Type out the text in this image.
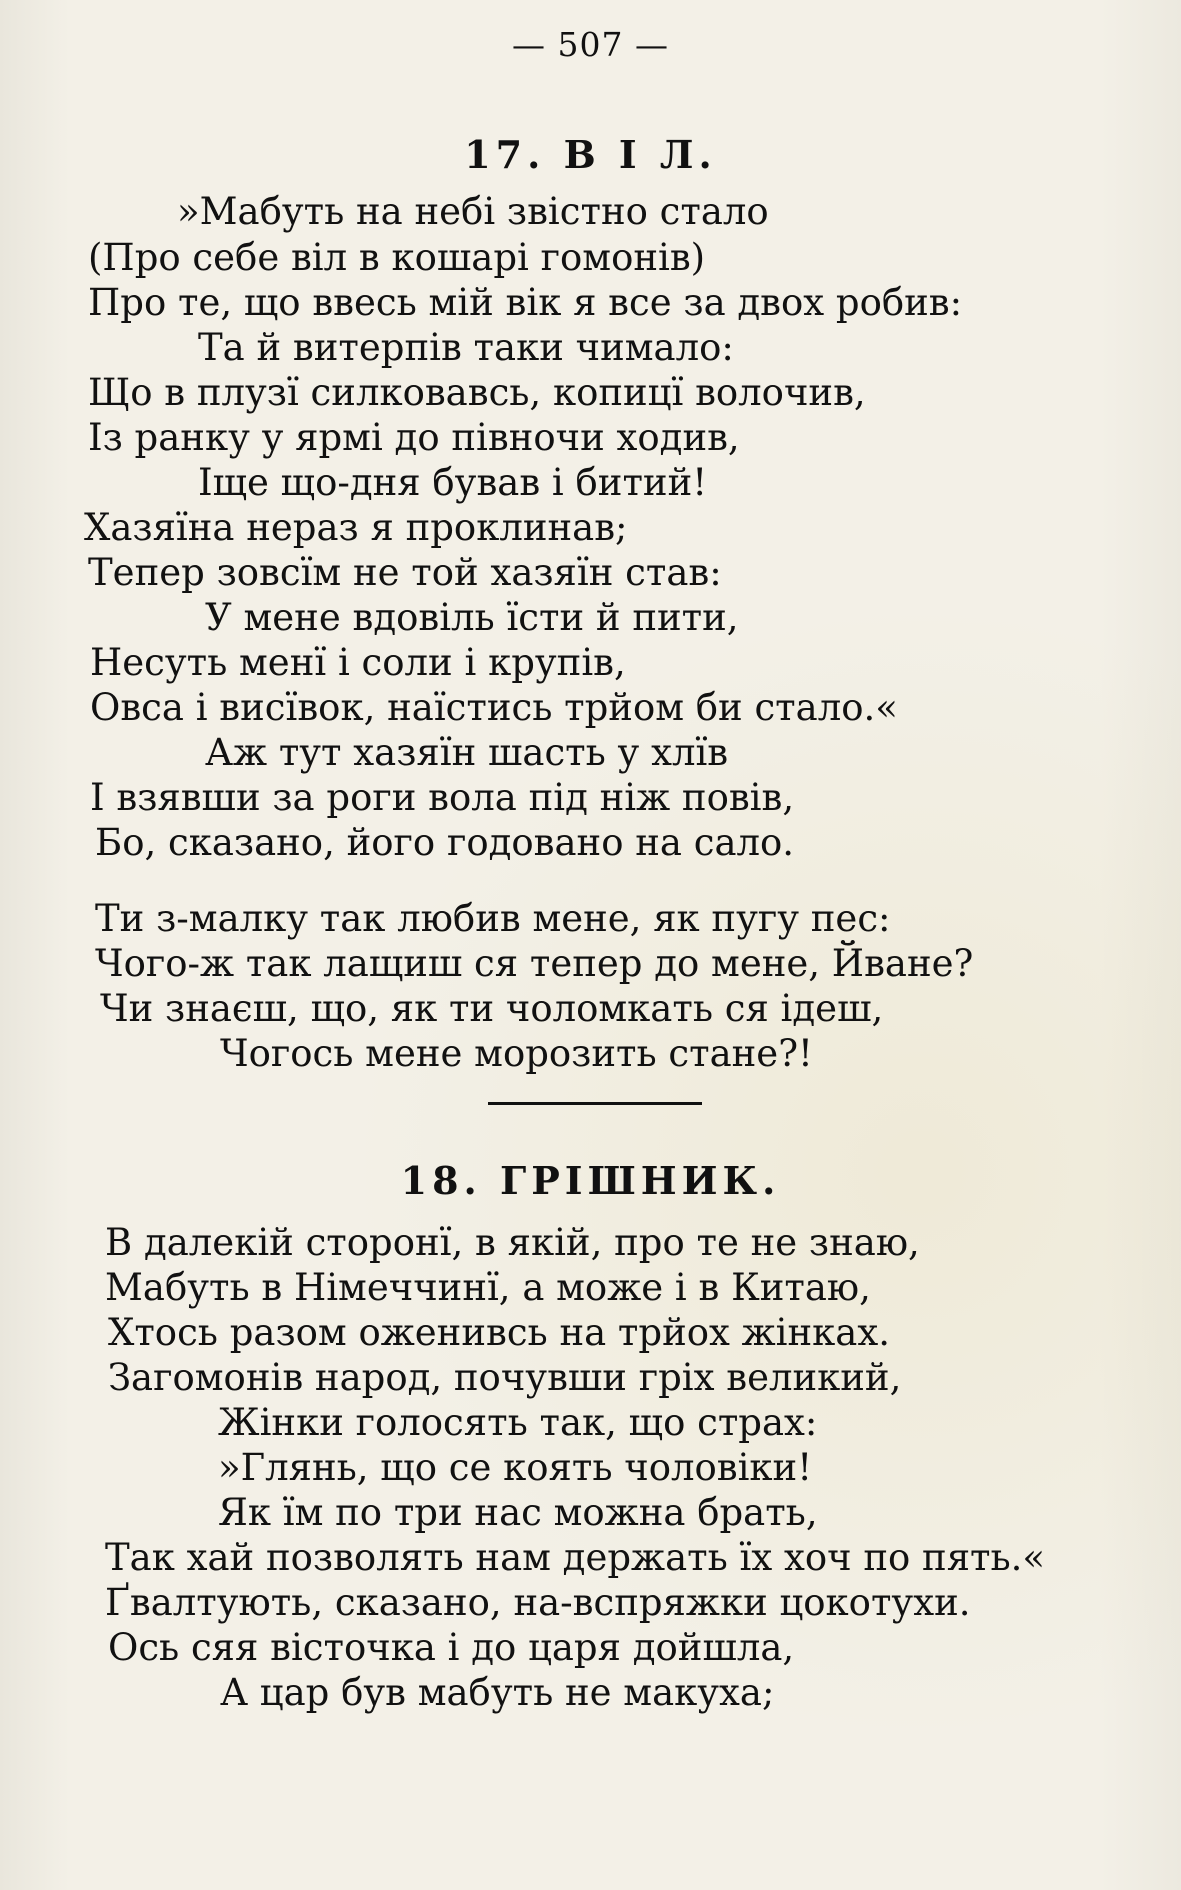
— 507 —
17. В І Л.
»Мабуть на небі звістно стало
(Про себе віл в кошарі гомонів)
Про те, що ввесь мій вік я все за двох робив:
Та й витерпів таки чимало:
Що в плузї силковавсь, копицї волочив,
Із ранку у ярмі до півночи ходив,
Іще що-дня бував і битий!
Хазяїна нераз я проклинав;
Тепер зовсїм не той хазяїн став:
У мене вдовіль їсти й пити,
Несуть менї і соли і крупів,
Овса і висївок, наїстись трйом би стало.«
Аж тут хазяїн шасть у хлїв
І взявши за роги вола під ніж повів,
Бо, сказано, його годовано на сало.
Ти з-малку так любив мене, як пугу пес:
Чого-ж так лащиш ся тепер до мене, Йване?
Чи знаєш, що, як ти чоломкать ся ідеш,
Чогось мене морозить стане?!
18. ГРІШНИК.
В далекій сторонї, в якій, про те не знаю,
Мабуть в Німеччинї, а може і в Китаю,
Хтось разом оженивсь на трйох жінках.
Загомонів народ, почувши гріх великий,
Жінки голосять так, що страх:
»Глянь, що се коять чоловіки!
Як їм по три нас можна брать,
Так хай позволять нам держать їх хоч по пять.«
Ґвалтують, сказано, на-вспряжки цокотухи.
Ось сяя вісточка і до царя дойшла,
А цар був мабуть не макуха;
